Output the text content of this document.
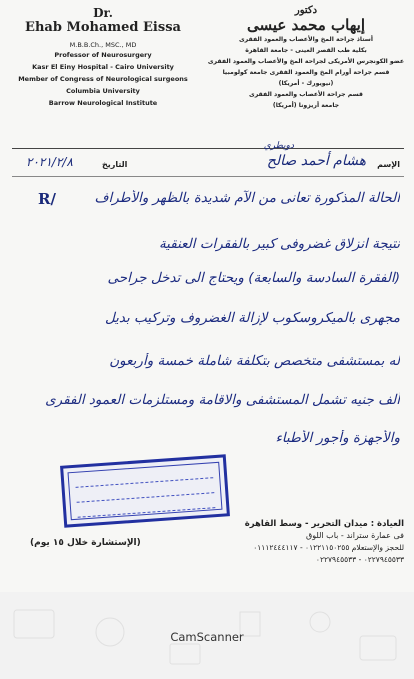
Dr.
Ehab Mohamed Eissa
M.B.B.Ch., MSC., MD
Professor of Neurosurgery
Kasr El Einy Hospital - Cairo University
Member of Congress of Neurological surgeons
Columbia University
Barrow Neurological Institute
دكتور
إيهاب محمد عيسى
أستاذ جراحة المخ والأعصاب والعمود الفقرى
بكلية طب القصر العينى - جامعة القاهرة
عضو الكونجرس الأمريكى لجراحة المخ والأعصاب والعمود الفقرى
قسم جراحة أورام المخ والعمود الفقرى جامعة كولومبيا
(نيويورك - أمريكا)
قسم جراحة الأعصاب والعمود الفقرى
جامعة أريزونا (أمريكا)
الإسم
هشام أحمد صالح
دويطري
التاريخ
٢٠٢١/٢/٨
R/	الحالة المذكورة تعانى من الآم شديدة بالظهر والأطراف
نتيجة انزلاق غضروفى كبير بالفقرات العنقية
(الفقرة السادسة والسابعة) ويحتاج الى تدخل جراحى
مجهرى بالميكروسكوب لإزالة الغضروف وتركيب بديل
له بمستشفى متخصص بتكلفة شاملة خمسة وأربعون
ألف جنيه تشمل المستشفى والاقامة ومستلزمات العمود الفقرى
والأجهزة وأجور الأطباء
(الإستشارة خلال ١٥ يوم)
العيادة : ميدان التحرير - وسط القاهرة
فى عمارة ستراند - باب اللوق
للحجز والإستعلام ٠١٢٢١١٥٠٢٥٥ - ٠١١١٢٤٤٤١١٧
٠٢٢٧٩٤٥٥٣٣ - ٠٢٢٧٩٤٥٥٣٣
CamScanner
